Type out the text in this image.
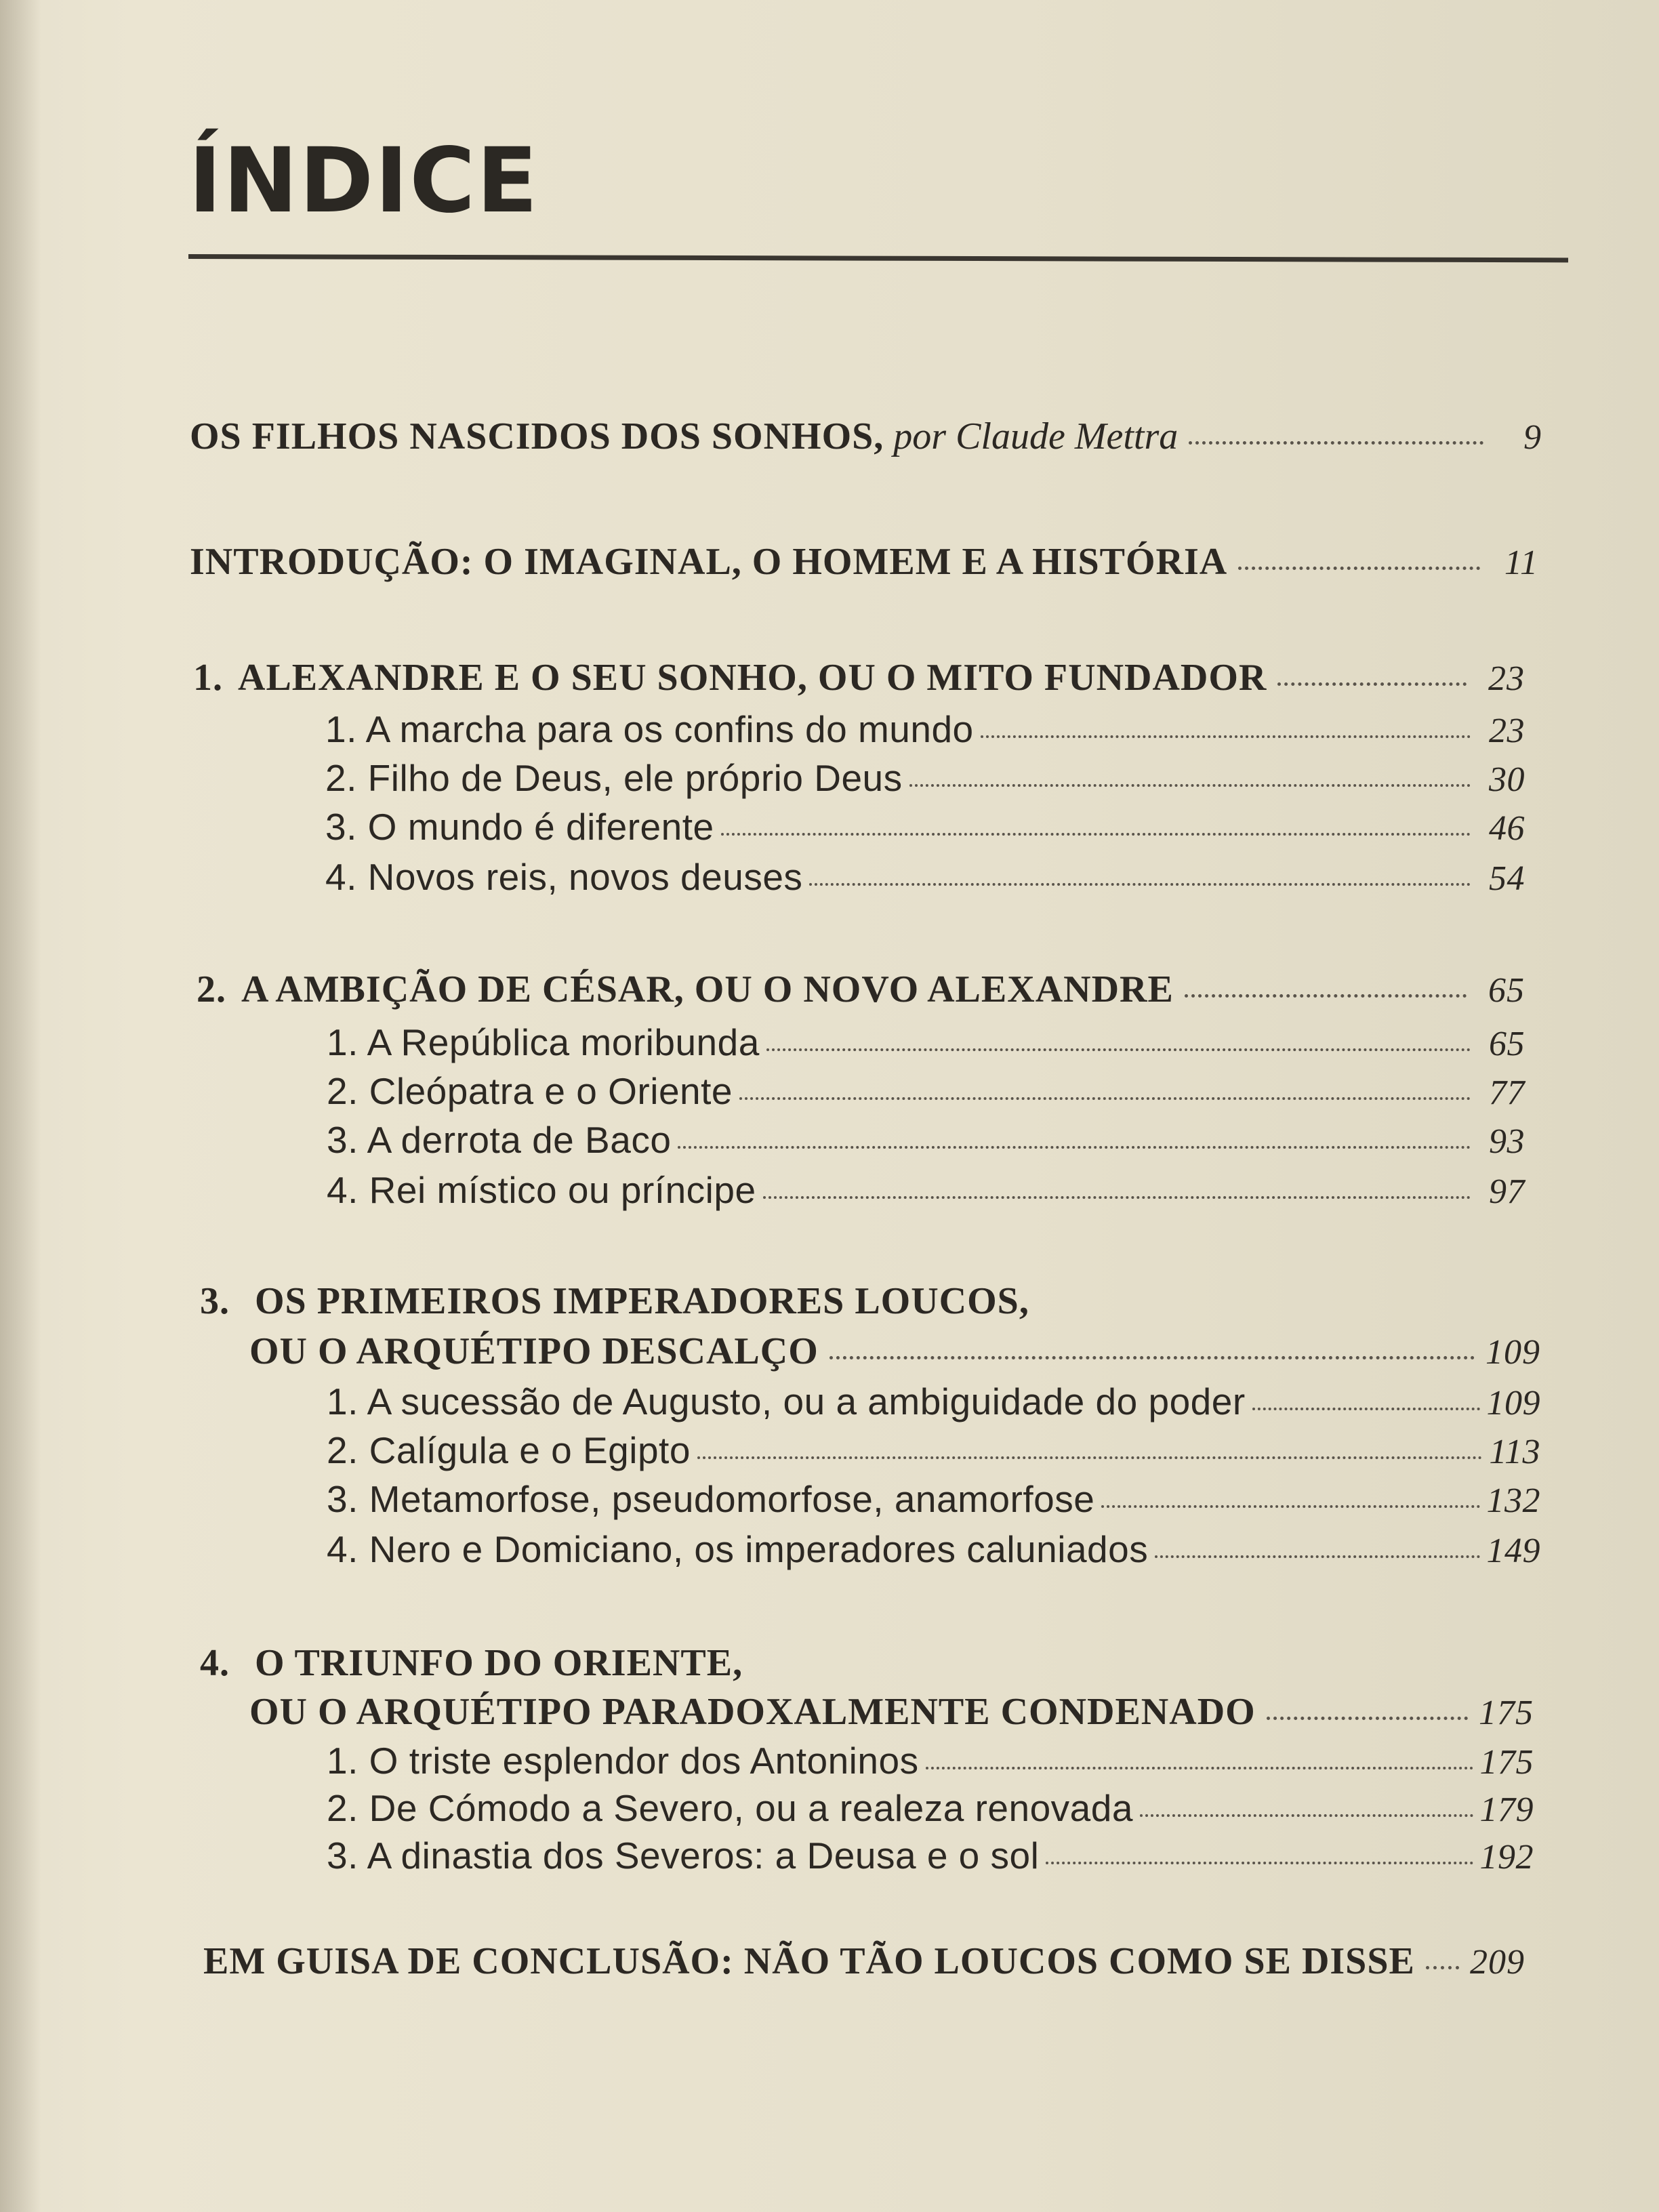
ÍNDICE
OS FILHOS NASCIDOS DOS SONHOS, por Claude Mettra	9
INTRODUÇÃO: O IMAGINAL, O HOMEM E A HISTÓRIA	11
1. ALEXANDRE E O SEU SONHO, OU O MITO FUNDADOR	23
1. A marcha para os confins do mundo	23
2. Filho de Deus, ele próprio Deus	30
3. O mundo é diferente	46
4. Novos reis, novos deuses	54
2. A AMBIÇÃO DE CÉSAR, OU O NOVO ALEXANDRE	65
1. A República moribunda	65
2. Cleópatra e o Oriente	77
3. A derrota de Baco	93
4. Rei místico ou príncipe	97
3. OS PRIMEIROS IMPERADORES LOUCOS,
OU O ARQUÉTIPO DESCALÇO	109
1. A sucessão de Augusto, ou a ambiguidade do poder	109
2. Calígula e o Egipto	113
3. Metamorfose, pseudomorfose, anamorfose	132
4. Nero e Domiciano, os imperadores caluniados	149
4. O TRIUNFO DO ORIENTE,
OU O ARQUÉTIPO PARADOXALMENTE CONDENADO	175
1. O triste esplendor dos Antoninos	175
2. De Cómodo a Severo, ou a realeza renovada	179
3. A dinastia dos Severos: a Deusa e o sol	192
EM GUISA DE CONCLUSÃO: NÃO TÃO LOUCOS COMO SE DISSE 209
